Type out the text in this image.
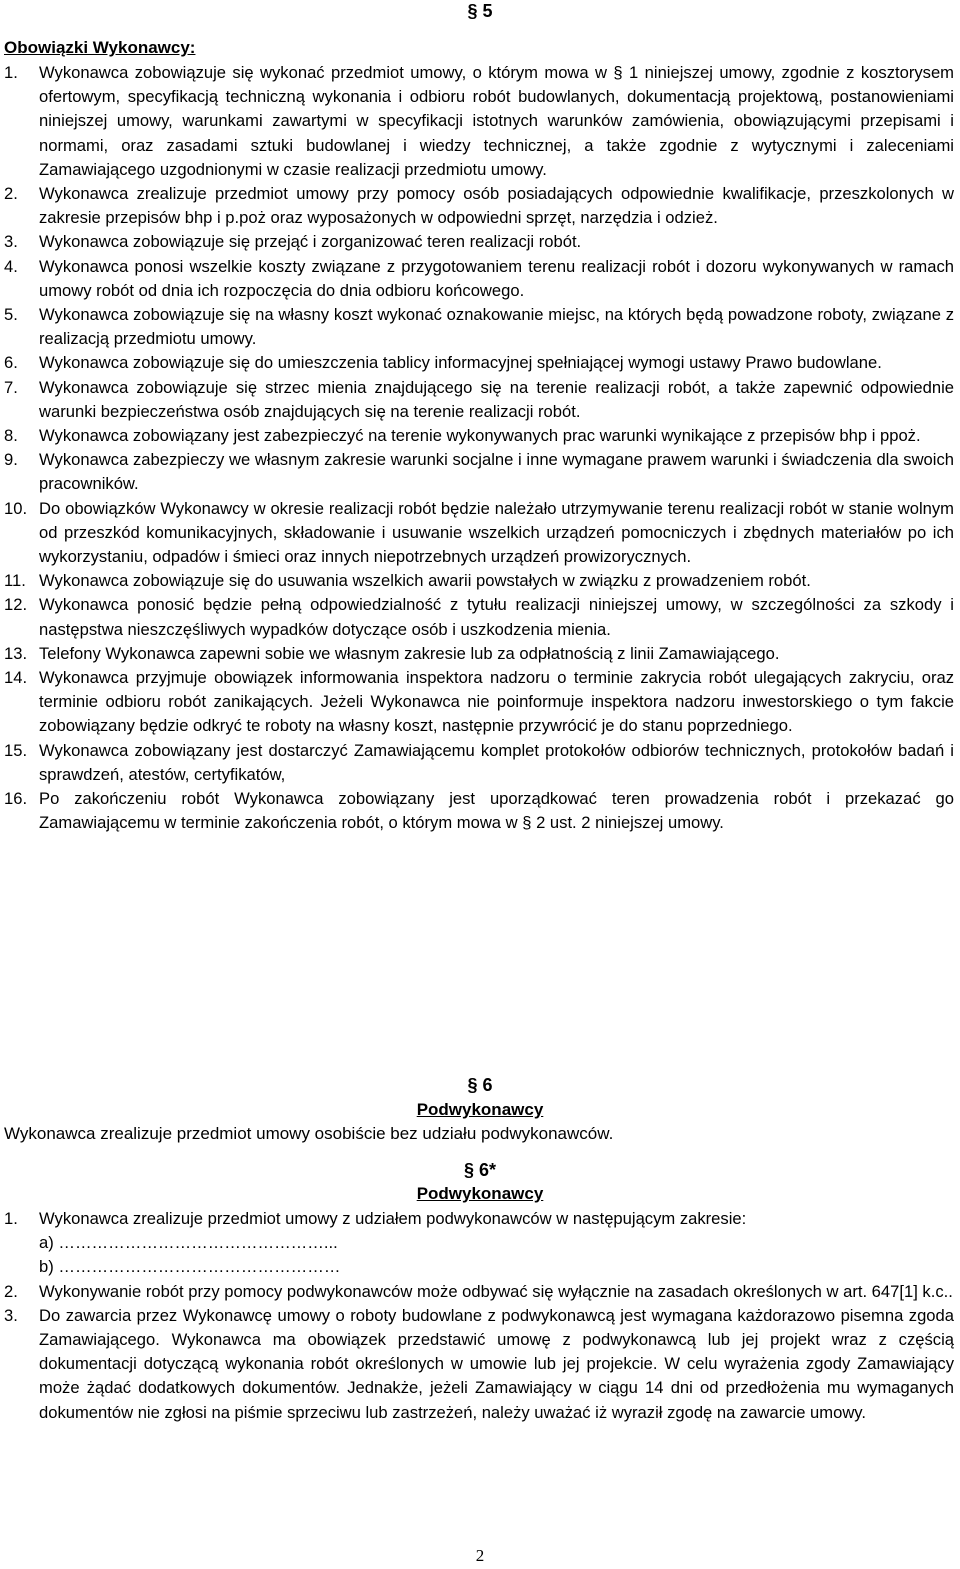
§ 5
Obowiązki Wykonawcy:
1. Wykonawca zobowiązuje się wykonać przedmiot umowy, o którym mowa w § 1 niniejszej umowy, zgodnie z kosztorysem ofertowym, specyfikacją techniczną wykonania i odbioru robót budowlanych, dokumentacją projektową, postanowieniami niniejszej umowy, warunkami zawartymi w specyfikacji istotnych warunków zamówienia, obowiązującymi przepisami i normami, oraz zasadami sztuki budowlanej i wiedzy technicznej, a także zgodnie z wytycznymi i zaleceniami Zamawiającego uzgodnionymi w czasie realizacji przedmiotu umowy.
2. Wykonawca zrealizuje przedmiot umowy przy pomocy osób posiadających odpowiednie kwalifikacje, przeszkolonych w zakresie przepisów bhp i p.poż oraz wyposażonych w odpowiedni sprzęt, narzędzia i odzież.
3. Wykonawca zobowiązuje się przejąć i zorganizować teren realizacji robót.
4. Wykonawca ponosi wszelkie koszty związane z przygotowaniem terenu realizacji robót i dozoru wykonywanych w ramach umowy robót od dnia ich rozpoczęcia do dnia odbioru końcowego.
5. Wykonawca zobowiązuje się na własny koszt wykonać oznakowanie miejsc, na których będą powadzone roboty, związane z realizacją przedmiotu umowy.
6. Wykonawca zobowiązuje się do umieszczenia tablicy informacyjnej spełniającej wymogi ustawy Prawo budowlane.
7. Wykonawca zobowiązuje się strzec mienia znajdującego się na terenie realizacji robót, a także zapewnić odpowiednie warunki bezpieczeństwa osób znajdujących się na terenie realizacji robót.
8. Wykonawca zobowiązany jest zabezpieczyć na terenie wykonywanych prac warunki wynikające z przepisów bhp i ppoż.
9. Wykonawca zabezpieczy we własnym zakresie warunki socjalne i inne wymagane prawem warunki i świadczenia dla swoich pracowników.
10. Do obowiązków Wykonawcy w okresie realizacji robót będzie należało utrzymywanie terenu realizacji robót w stanie wolnym od przeszkód komunikacyjnych, składowanie i usuwanie wszelkich urządzeń pomocniczych i zbędnych materiałów po ich wykorzystaniu, odpadów i śmieci oraz innych niepotrzebnych urządzeń prowizorycznych.
11. Wykonawca zobowiązuje się do usuwania wszelkich awarii powstałych w związku z prowadzeniem robót.
12. Wykonawca ponosić będzie pełną odpowiedzialność z tytułu realizacji niniejszej umowy, w szczególności za szkody i następstwa nieszczęśliwych wypadków dotyczące osób i uszkodzenia mienia.
13. Telefony Wykonawca zapewni sobie we własnym zakresie lub za odpłatnością z linii Zamawiającego.
14. Wykonawca przyjmuje obowiązek informowania inspektora nadzoru o terminie zakrycia robót ulegających zakryciu, oraz terminie odbioru robót zanikających. Jeżeli Wykonawca nie poinformuje inspektora nadzoru inwestorskiego o tym fakcie zobowiązany będzie odkryć te roboty na własny koszt, następnie przywrócić je do stanu poprzedniego.
15. Wykonawca zobowiązany jest dostarczyć Zamawiającemu komplet protokołów odbiorów technicznych, protokołów badań i sprawdzeń, atestów, certyfikatów,
16. Po zakończeniu robót Wykonawca zobowiązany jest uporządkować teren prowadzenia robót i przekazać go Zamawiającemu w terminie zakończenia robót, o którym mowa w § 2 ust. 2 niniejszej umowy.
§ 6
Podwykonawcy
Wykonawca zrealizuje przedmiot umowy osobiście bez udziału podwykonawców.
§ 6*
Podwykonawcy
1. Wykonawca zrealizuje przedmiot umowy z udziałem podwykonawców w następującym zakresie:
a) …………………………………………...
b) ……………………………………………
2. Wykonywanie robót przy pomocy podwykonawców może odbywać się wyłącznie na zasadach określonych w art. 647[1] k.c..
3. Do zawarcia przez Wykonawcę umowy o roboty budowlane z podwykonawcą jest wymagana każdorazowo pisemna zgoda Zamawiającego. Wykonawca ma obowiązek przedstawić umowę z podwykonawcą lub jej projekt wraz z częścią dokumentacji dotyczącą wykonania robót określonych w umowie lub jej projekcie. W celu wyrażenia zgody Zamawiający może żądać dodatkowych dokumentów. Jednakże, jeżeli Zamawiający w ciągu 14 dni od przedłożenia mu wymaganych dokumentów nie zgłosi na piśmie sprzeciwu lub zastrzeżeń, należy uważać iż wyraził zgodę na zawarcie umowy.
2
